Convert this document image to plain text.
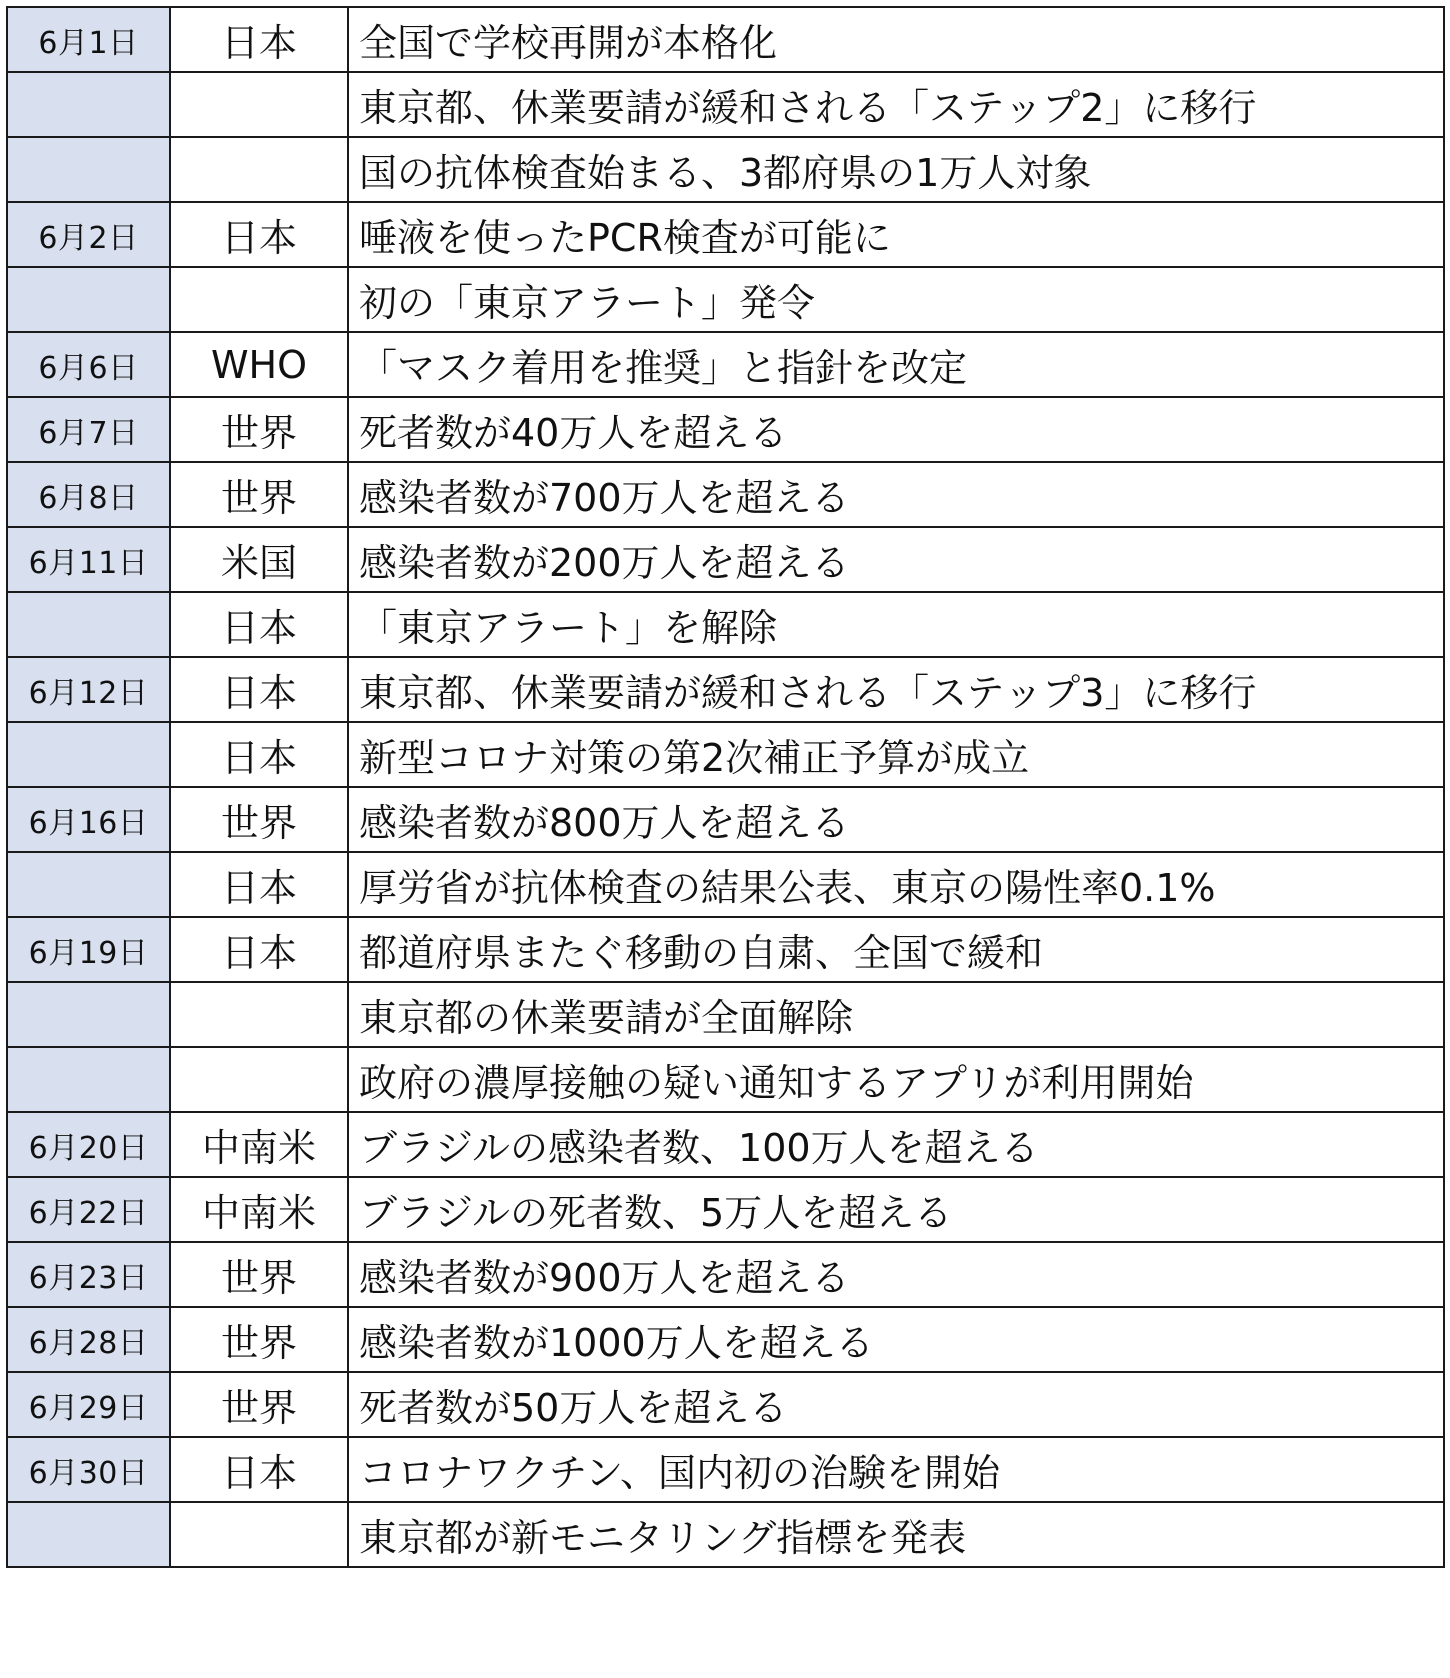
6月1日	日本	全国で学校再開が本格化
		東京都、休業要請が緩和される「ステップ2」に移行
		国の抗体検査始まる、3都府県の1万人対象
6月2日	日本	唾液を使ったPCR検査が可能に
		初の「東京アラート」発令
6月6日	WHO	「マスク着用を推奨」と指針を改定
6月7日	世界	死者数が40万人を超える
6月8日	世界	感染者数が700万人を超える
6月11日	米国	感染者数が200万人を超える
	日本	「東京アラート」を解除
6月12日	日本	東京都、休業要請が緩和される「ステップ3」に移行
	日本	新型コロナ対策の第2次補正予算が成立
6月16日	世界	感染者数が800万人を超える
	日本	厚労省が抗体検査の結果公表、東京の陽性率0.1%
6月19日	日本	都道府県またぐ移動の自粛、全国で緩和
		東京都の休業要請が全面解除
		政府の濃厚接触の疑い通知するアプリが利用開始
6月20日	中南米	ブラジルの感染者数、100万人を超える
6月22日	中南米	ブラジルの死者数、5万人を超える
6月23日	世界	感染者数が900万人を超える
6月28日	世界	感染者数が1000万人を超える
6月29日	世界	死者数が50万人を超える
6月30日	日本	コロナワクチン、国内初の治験を開始
		東京都が新モニタリング指標を発表
